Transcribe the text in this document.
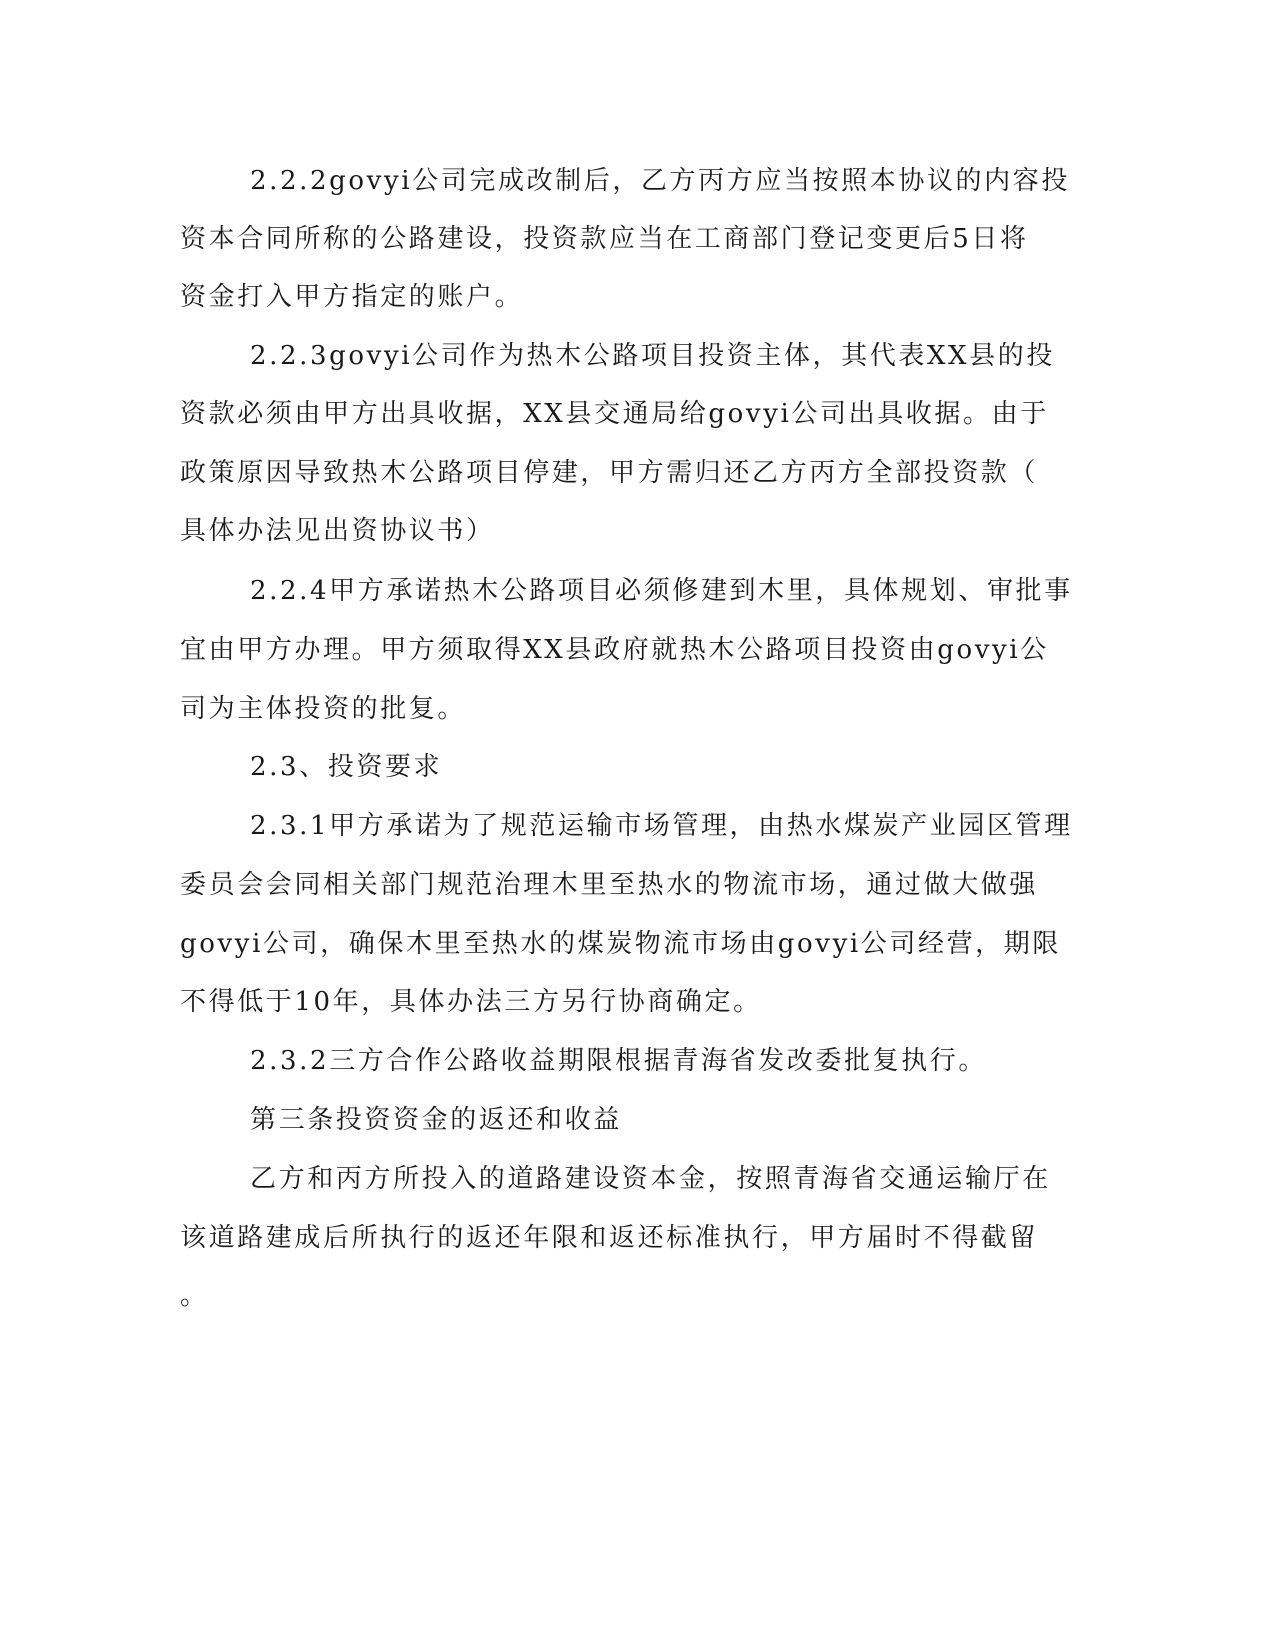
2.2.2govyi公司完成改制后，乙方丙方应当按照本协议的内容投
资本合同所称的公路建设，投资款应当在工商部门登记变更后5日将
资金打入甲方指定的账户。
2.2.3govyi公司作为热木公路项目投资主体，其代表XX县的投
资款必须由甲方出具收据，XX县交通局给govyi公司出具收据。由于
政策原因导致热木公路项目停建，甲方需归还乙方丙方全部投资款（
具体办法见出资协议书）
2.2.4甲方承诺热木公路项目必须修建到木里，具体规划、审批事
宜由甲方办理。甲方须取得XX县政府就热木公路项目投资由govyi公
司为主体投资的批复。
2.3、投资要求
2.3.1甲方承诺为了规范运输市场管理，由热水煤炭产业园区管理
委员会会同相关部门规范治理木里至热水的物流市场，通过做大做强
govyi公司，确保木里至热水的煤炭物流市场由govyi公司经营，期限
不得低于10年，具体办法三方另行协商确定。
2.3.2三方合作公路收益期限根据青海省发改委批复执行。
第三条投资资金的返还和收益
乙方和丙方所投入的道路建设资本金，按照青海省交通运输厅在
该道路建成后所执行的返还年限和返还标准执行，甲方届时不得截留
。
